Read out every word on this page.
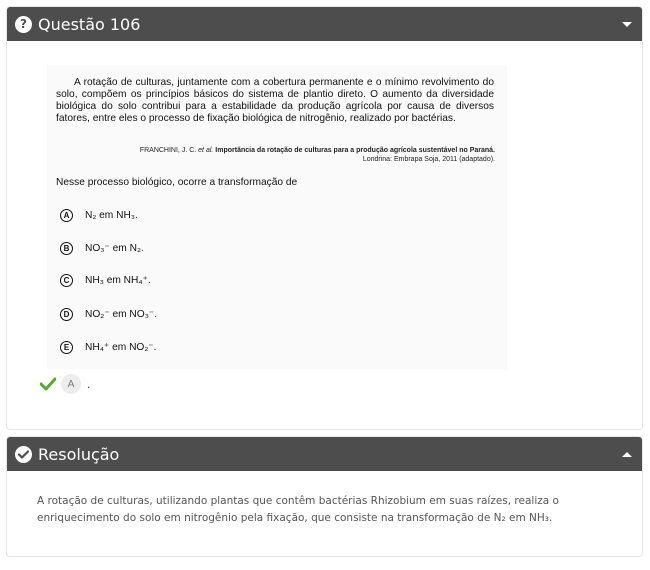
? Questão 106

A rotação de culturas, juntamente com a cobertura permanente e o mínimo revolvimento do solo, compõem os princípios básicos do sistema de plantio direto. O aumento da diversidade biológica do solo contribui para a estabilidade da produção agrícola por causa de diversos fatores, entre eles o processo de fixação biológica de nitrogênio, realizado por bactérias.

FRANCHINI, J. C. et al. Importância da rotação de culturas para a produção agrícola sustentável no Paraná.
Londrina: Embrapa Soja, 2011 (adaptado).
Nesse processo biológico, ocorre a transformação de
A	N₂ em NH₃.
B	NO₃⁻ em N₂.
C	NH₃ em NH₄⁺.
D	NO₂⁻ em NO₃⁻.
E	NH₄⁺ em NO₂⁻.
A	.
Resolução
A rotação de culturas, utilizando plantas que contêm bactérias Rhizobium em suas raízes, realiza o enriquecimento do solo em nitrogênio pela fixação, que consiste na transformação de N₂ em NH₃.
